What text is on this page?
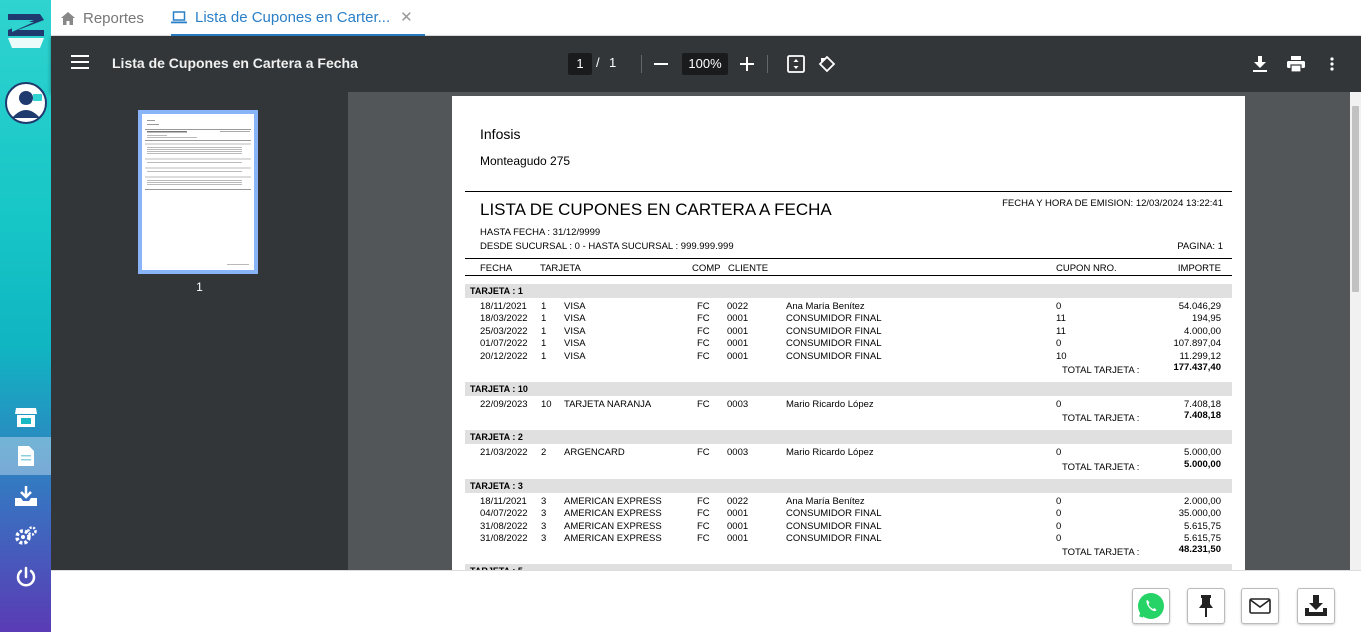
Reportes	Lista de Cupones en Carter... ✕
Lista de Cupones en Cartera a Fecha	1 / 1	100%
1
Infosis
Monteagudo 275
LISTA DE CUPONES EN CARTERA A FECHA	FECHA Y HORA DE EMISION: 12/03/2024 13:22:41
HASTA FECHA : 31/12/9999
DESDE SUCURSAL : 0 - HASTA SUCURSAL : 999.999.999	PAGINA: 1
FECHA	TARJETA	COMP CLIENTE	CUPON NRO.	IMPORTE
TARJETA : 1
18/11/2021 1 VISA	FC 0022	Ana María Benítez	0	54.046,29
18/03/2022 1 VISA	FC 0001	CONSUMIDOR FINAL	11	194,95
25/03/2022 1 VISA	FC 0001	CONSUMIDOR FINAL	11	4.000,00
01/07/2022 1 VISA	FC 0001	CONSUMIDOR FINAL	0	107.897,04
20/12/2022 1 VISA	FC 0001	CONSUMIDOR FINAL	10	11.299,12
TOTAL TARJETA :	177.437,40
TARJETA : 10
22/09/2023 10 TARJETA NARANJA	FC 0003	Mario Ricardo López	0	7.408,18
TOTAL TARJETA :	7.408,18
TARJETA : 2
21/03/2022 2 ARGENCARD	FC 0003	Mario Ricardo López	0	5.000,00
TOTAL TARJETA :	5.000,00
TARJETA : 3
18/11/2021 3 AMERICAN EXPRESS	FC 0022	Ana María Benítez	0	2.000,00
04/07/2022 3 AMERICAN EXPRESS	FC 0001	CONSUMIDOR FINAL	0	35.000,00
31/08/2022 3 AMERICAN EXPRESS	FC 0001	CONSUMIDOR FINAL	0	5.615,75
31/08/2022 3 AMERICAN EXPRESS	FC 0001	CONSUMIDOR FINAL	0	5.615,75
TOTAL TARJETA :	48.231,50
